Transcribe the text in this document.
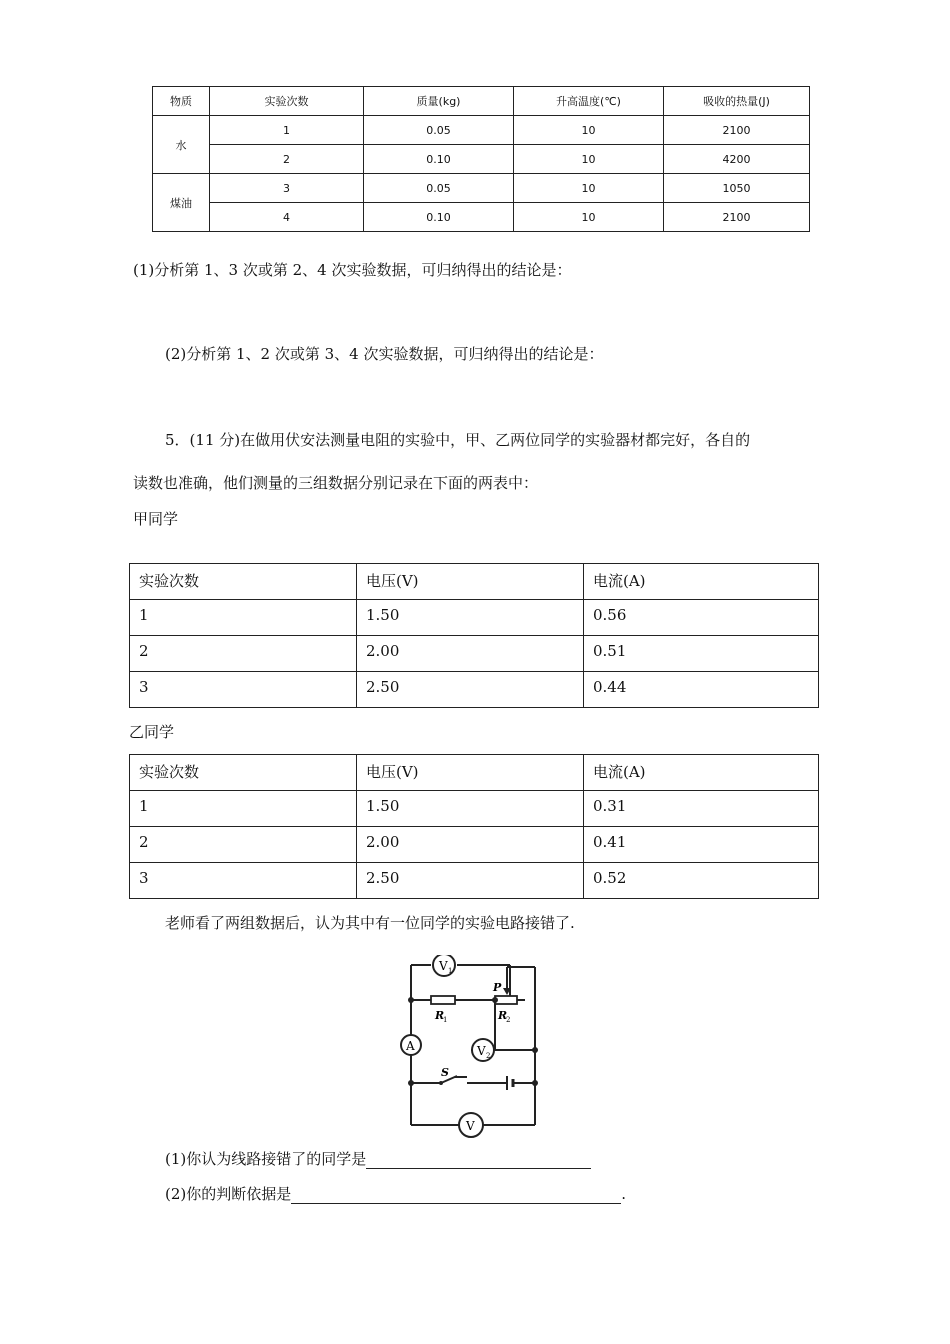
物质	实验次数	质量(kg)	升高温度(℃)	吸收的热量(J)
水	1	0.05	10	2100
	2	0.10	10	4200
煤油	3	0.05	10	1050
	4	0.10	10	2100
(1)分析第 1、3 次或第 2、4 次实验数据，可归纳得出的结论是：
(2)分析第 1、2 次或第 3、4 次实验数据，可归纳得出的结论是：
5．(11 分)在做用伏安法测量电阻的实验中，甲、乙两位同学的实验器材都完好，各自的
读数也准确，他们测量的三组数据分别记录在下面的两表中：
甲同学
实验次数	电压(V)	电流(A)
1	1.50	0.56
2	2.00	0.51
3	2.50	0.44
乙同学
实验次数	电压(V)	电流(A)
1	1.50	0.31
2	2.00	0.41
3	2.50	0.52
老师看了两组数据后，认为其中有一位同学的实验电路接错了.
V 1
A	V 2
V
S
R
1	R
2
P
(1)你认为线路接错了的同学是
(2)你的判断依据是	.
